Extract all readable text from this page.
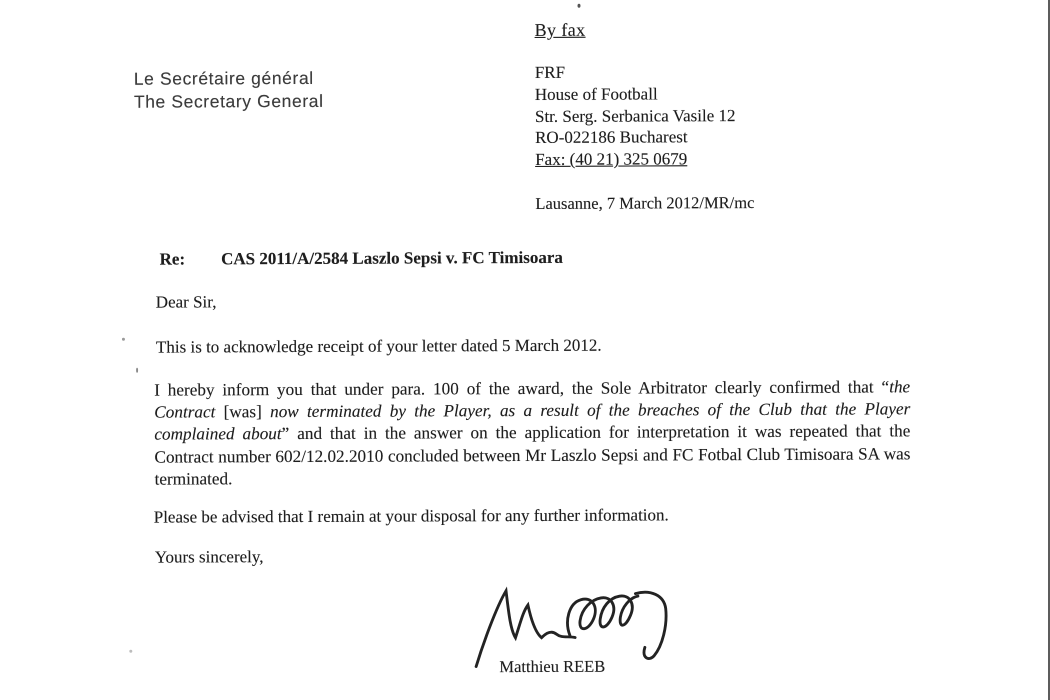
By fax
Le Secrétaire général
The Secretary General
FRF
House of Football
Str. Serg. Serbanica Vasile 12
RO-022186 Bucharest
Fax: (40 21) 325 0679
Lausanne, 7 March 2012/MR/mc
Re: CAS 2011/A/2584 Laszlo Sepsi v. FC Timisoara
Dear Sir,
This is to acknowledge receipt of your letter dated 5 March 2012.
I hereby inform you that under para. 100 of the award, the Sole Arbitrator clearly confirmed that “the Contract [was] now terminated by the Player, as a result of the breaches of the Club that the Player complained about” and that in the answer on the application for interpretation it was repeated that the Contract number 602/12.02.2010 concluded between Mr Laszlo Sepsi and FC Fotbal Club Timisoara SA was terminated.
Please be advised that I remain at your disposal for any further information.
Yours sincerely,
Matthieu REEB
